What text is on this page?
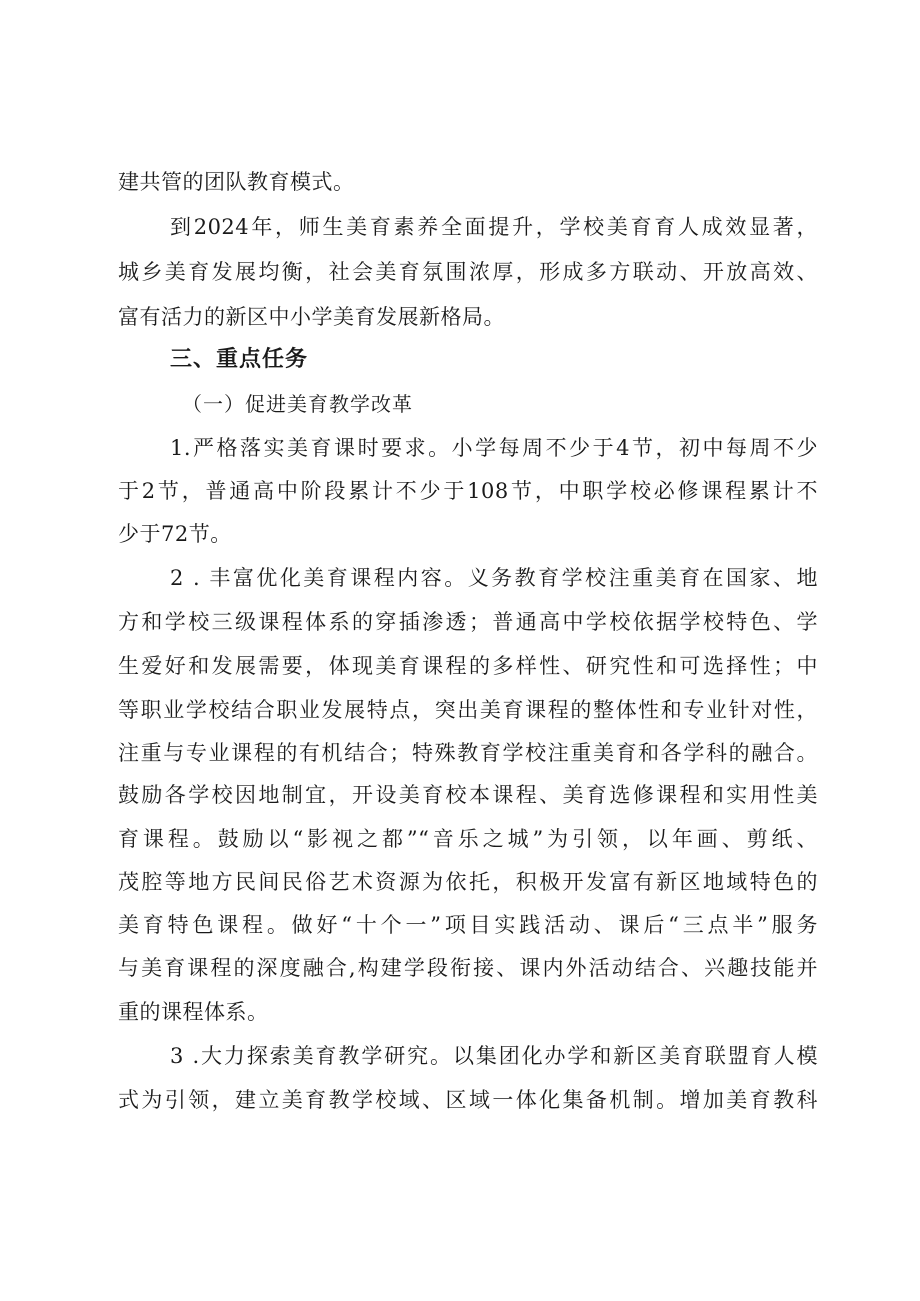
建共管的团队教育模式。
到2024年，师生美育素养全面提升，学校美育育人成效显著，
城乡美育发展均衡，社会美育氛围浓厚，形成多方联动、开放高效、
富有活力的新区中小学美育发展新格局。
三、重点任务
（一）促进美育教学改革
1.严格落实美育课时要求。小学每周不少于4节，初中每周不少
于2节，普通高中阶段累计不少于108节，中职学校必修课程累计不
少于72节。
2 . 丰富优化美育课程内容。义务教育学校注重美育在国家、地
方和学校三级课程体系的穿插渗透；普通高中学校依据学校特色、学
生爱好和发展需要，体现美育课程的多样性、研究性和可选择性；中
等职业学校结合职业发展特点，突出美育课程的整体性和专业针对性，
注重与专业课程的有机结合；特殊教育学校注重美育和各学科的融合。
鼓励各学校因地制宜，开设美育校本课程、美育选修课程和实用性美
育课程。鼓励以“影视之都”“音乐之城”为引领，以年画、剪纸、
茂腔等地方民间民俗艺术资源为依托，积极开发富有新区地域特色的
美育特色课程。做好“十个一”项目实践活动、课后“三点半”服务
与美育课程的深度融合,构建学段衔接、课内外活动结合、兴趣技能并
重的课程体系。
3 .大力探索美育教学研究。以集团化办学和新区美育联盟育人模
式为引领，建立美育教学校域、区域一体化集备机制。增加美育教科
